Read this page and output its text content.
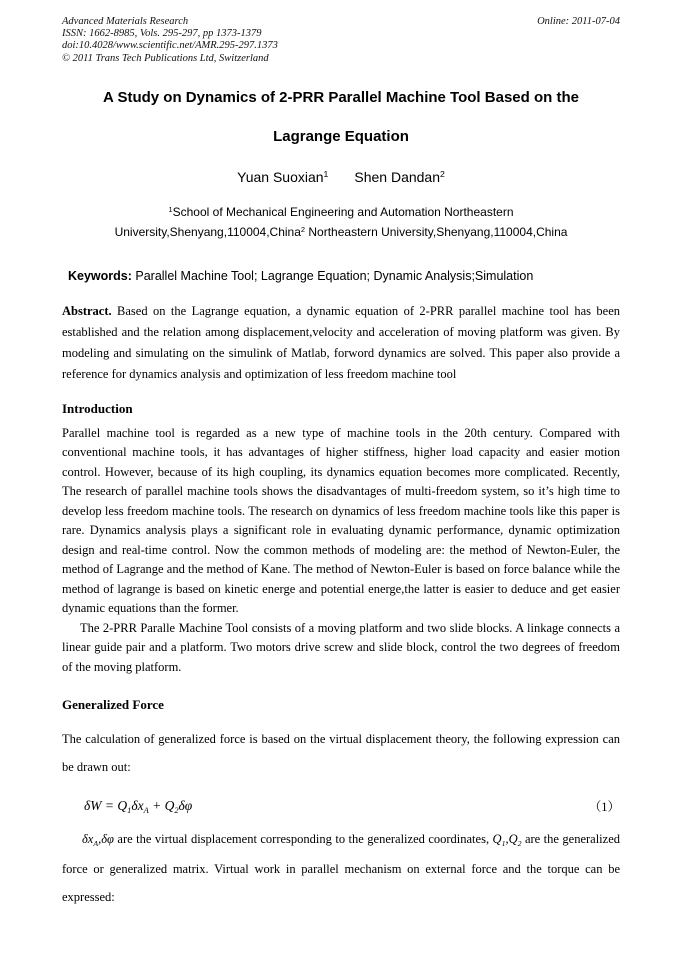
Advanced Materials Research
ISSN: 1662-8985, Vols. 295-297, pp 1373-1379
doi:10.4028/www.scientific.net/AMR.295-297.1373
© 2011 Trans Tech Publications Ltd, Switzerland
Online: 2011-07-04
A Study on Dynamics of 2-PRR Parallel Machine Tool Based on the
Lagrange Equation
Yuan Suoxian$^1$ Shen Dandan$^2$
$^1$School of Mechanical Engineering and Automation Northeastern
University,Shenyang,110004,China$^2$ Northeastern University,Shenyang,110004,China
Keywords: Parallel Machine Tool; Lagrange Equation; Dynamic Analysis;Simulation

Abstract. Based on the Lagrange equation, a dynamic equation of 2-PRR parallel machine tool has been established and the relation among displacement,velocity and acceleration of moving platform was given. By modeling and simulating on the simulink of Matlab, forword dynamics are solved. This paper also provide a reference for dynamics analysis and optimization of less freedom machine tool

Introduction

Parallel machine tool is regarded as a new type of machine tools in the 20th century. Compared with conventional machine tools, it has advantages of higher stiffness, higher load capacity and easier motion control. However, because of its high coupling, its dynamics equation becomes more complicated. Recently, The research of parallel machine tools shows the disadvantages of multi-freedom system, so it’s high time to develop less freedom machine tools. The research on dynamics of less freedom machine tools like this paper is rare. Dynamics analysis plays a significant role in evaluating dynamic performance, dynamic optimization design and real-time control. Now the common methods of modeling are: the method of Newton-Euler, the method of Lagrange and the method of Kane. The method of Newton-Euler is based on force balance while the method of lagrange is based on kinetic energe and potential energe,the latter is easier to deduce and get easier dynamic equations than the former.

The 2-PRR Paralle Machine Tool consists of a moving platform and two slide blocks. A linkage connects a linear guide pair and a platform. Two motors drive screw and slide block, control the two degrees of freedom of the moving platform.

Generalized Force

The calculation of generalized force is based on the virtual displacement theory, the following expression can be drawn out:

$\delta W = Q_1\delta x_A + Q_2\delta\varphi$	（1）

$\delta x_A,\delta\varphi$ are the virtual displacement corresponding to the generalized coordinates, $Q_1,Q_2$ are the generalized force or generalized matrix. Virtual work in parallel mechanism on external force and the torque can be expressed:
